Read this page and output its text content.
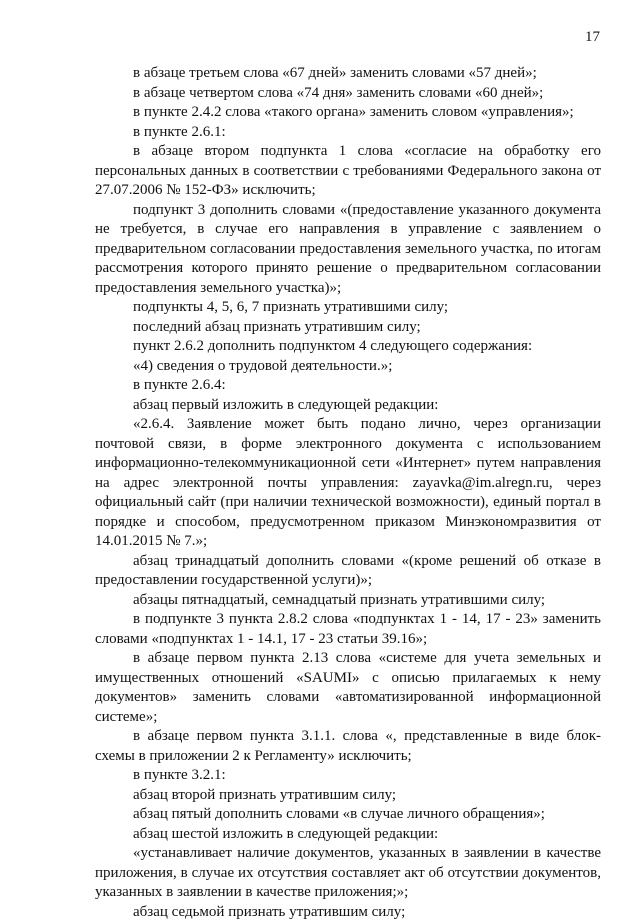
17

в абзаце третьем слова «67 дней» заменить словами «57 дней»;

в абзаце четвертом слова «74 дня» заменить словами «60 дней»;

в пункте 2.4.2 слова «такого органа» заменить словом «управления»;

в пункте 2.6.1:

в абзаце втором подпункта 1 слова «согласие на обработку его персональных данных в соответствии с требованиями Федерального закона от 27.07.2006 № 152-ФЗ» исключить;

подпункт 3 дополнить словами «(предоставление указанного документа не требуется, в случае его направления в управление с заявлением о предварительном согласовании предоставления земельного участка, по итогам рассмотрения которого принято решение о предварительном согласовании предоставления земельного участка)»;

подпункты 4, 5, 6, 7 признать утратившими силу;

последний абзац признать утратившим силу;

пункт 2.6.2 дополнить подпунктом 4 следующего содержания:

«4) сведения о трудовой деятельности.»;

в пункте 2.6.4:

абзац первый изложить в следующей редакции:

«2.6.4. Заявление может быть подано лично, через организации почтовой связи, в форме электронного документа с использованием информационно-телекоммуникационной сети «Интернет» путем направления на адрес электронной почты управления: zayavka@im.alregn.ru, через официальный сайт (при наличии технической возможности), единый портал в порядке и способом, предусмотренном приказом Минэкономразвития от 14.01.2015 № 7.»;

абзац тринадцатый дополнить словами «(кроме решений об отказе в предоставлении государственной услуги)»;

абзацы пятнадцатый, семнадцатый признать утратившими силу;

в подпункте 3 пункта 2.8.2 слова «подпунктах 1 - 14, 17 - 23» заменить словами «подпунктах 1 - 14.1, 17 - 23 статьи 39.16»;

в абзаце первом пункта 2.13 слова «системе для учета земельных и имущественных отношений «SAUMI» с описью прилагаемых к нему документов» заменить словами «автоматизированной информационной системе»;

в абзаце первом пункта 3.1.1. слова «, представленные в виде блок-схемы в приложении 2 к Регламенту» исключить;

в пункте 3.2.1:

абзац второй признать утратившим силу;

абзац пятый дополнить словами «в случае личного обращения»;

абзац шестой изложить в следующей редакции:

«устанавливает наличие документов, указанных в заявлении в качестве приложения, в случае их отсутствия составляет акт об отсутствии документов, указанных в заявлении в качестве приложения;»;

абзац седьмой признать утратившим силу;
